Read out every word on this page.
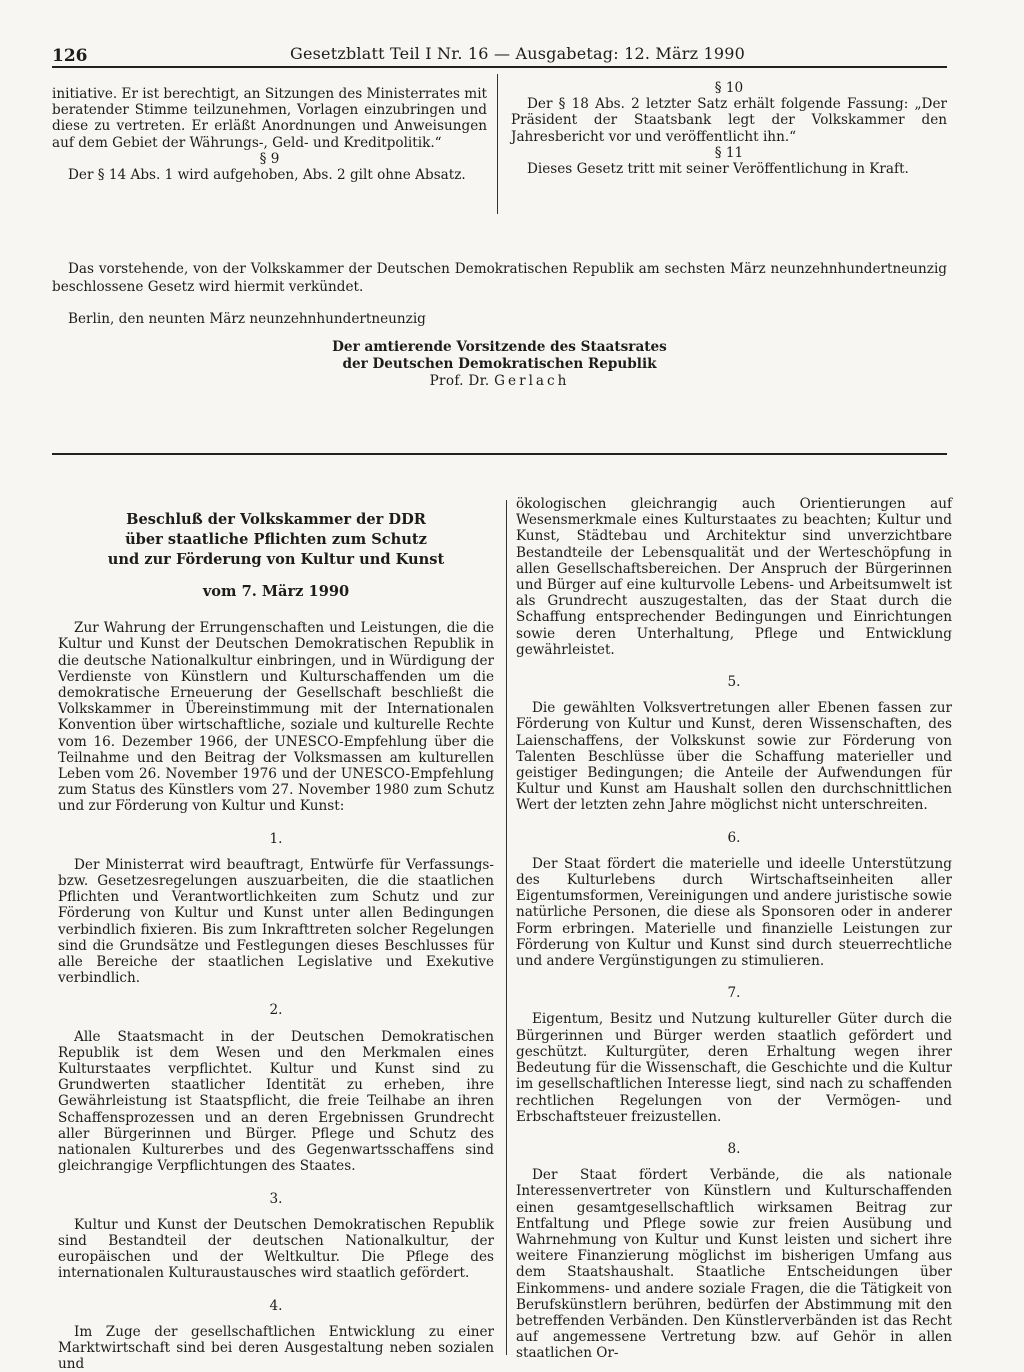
126	Gesetzblatt Teil I Nr. 16 — Ausgabetag: 12. März 1990

initiative. Er ist berechtigt, an Sitzungen des Ministerrates mit beratender Stimme teilzunehmen, Vorlagen einzubringen und diese zu vertreten. Er erläßt Anordnungen und Anweisungen auf dem Gebiet der Währungs-, Geld- und Kreditpolitik.“

§ 9

Der § 14 Abs. 1 wird aufgehoben, Abs. 2 gilt ohne Absatz.

§ 10

Der § 18 Abs. 2 letzter Satz erhält folgende Fassung: „Der Präsident der Staatsbank legt der Volkskammer den Jahresbericht vor und veröffentlicht ihn.“

§ 11

Dieses Gesetz tritt mit seiner Veröffentlichung in Kraft.

Das vorstehende, von der Volkskammer der Deutschen Demokratischen Republik am sechsten März neunzehnhundertneunzig beschlossene Gesetz wird hiermit verkündet.

Berlin, den neunten März neunzehnhundertneunzig
Der amtierende Vorsitzende des Staatsrates
der Deutschen Demokratischen Republik
Prof. Dr. Gerlach
Beschluß der Volkskammer der DDR
über staatliche Pflichten zum Schutz
und zur Förderung von Kultur und Kunst
vom 7. März 1990

Zur Wahrung der Errungenschaften und Leistungen, die die Kultur und Kunst der Deutschen Demokratischen Republik in die deutsche Nationalkultur einbringen, und in Würdigung der Verdienste von Künstlern und Kulturschaffenden um die demokratische Erneuerung der Gesellschaft beschließt die Volkskammer in Übereinstimmung mit der Internationalen Konvention über wirtschaftliche, soziale und kulturelle Rechte vom 16. Dezember 1966, der UNESCO-Empfehlung über die Teilnahme und den Beitrag der Volksmassen am kulturellen Leben vom 26. November 1976 und der UNESCO-Empfehlung zum Status des Künstlers vom 27. November 1980 zum Schutz und zur Förderung von Kultur und Kunst:

1.

Der Ministerrat wird beauftragt, Entwürfe für Verfassungs- bzw. Gesetzesregelungen auszuarbeiten, die die staatlichen Pflichten und Verantwortlichkeiten zum Schutz und zur Förderung von Kultur und Kunst unter allen Bedingungen verbindlich fixieren. Bis zum Inkrafttreten solcher Regelungen sind die Grundsätze und Festlegungen dieses Beschlusses für alle Bereiche der staatlichen Legislative und Exekutive verbindlich.

2.

Alle Staatsmacht in der Deutschen Demokratischen Republik ist dem Wesen und den Merkmalen eines Kulturstaates verpflichtet. Kultur und Kunst sind zu Grundwerten staatlicher Identität zu erheben, ihre Gewährleistung ist Staatspflicht, die freie Teilhabe an ihren Schaffensprozessen und an deren Ergebnissen Grundrecht aller Bürgerinnen und Bürger. Pflege und Schutz des nationalen Kulturerbes und des Gegenwartsschaffens sind gleichrangige Verpflichtungen des Staates.

3.

Kultur und Kunst der Deutschen Demokratischen Republik sind Bestandteil der deutschen Nationalkultur, der europäischen und der Weltkultur. Die Pflege des internationalen Kulturaustausches wird staatlich gefördert.

4.

Im Zuge der gesellschaftlichen Entwicklung zu einer Marktwirtschaft sind bei deren Ausgestaltung neben sozialen und

ökologischen gleichrangig auch Orientierungen auf Wesensmerkmale eines Kulturstaates zu beachten; Kultur und Kunst, Städtebau und Architektur sind unverzichtbare Bestandteile der Lebensqualität und der Werteschöpfung in allen Gesellschaftsbereichen. Der Anspruch der Bürgerinnen und Bürger auf eine kulturvolle Lebens- und Arbeitsumwelt ist als Grundrecht auszugestalten, das der Staat durch die Schaffung entsprechender Bedingungen und Einrichtungen sowie deren Unterhaltung, Pflege und Entwicklung gewährleistet.

5.

Die gewählten Volksvertretungen aller Ebenen fassen zur Förderung von Kultur und Kunst, deren Wissenschaften, des Laienschaffens, der Volkskunst sowie zur Förderung von Talenten Beschlüsse über die Schaffung materieller und geistiger Bedingungen; die Anteile der Aufwendungen für Kultur und Kunst am Haushalt sollen den durchschnittlichen Wert der letzten zehn Jahre möglichst nicht unterschreiten.

6.

Der Staat fördert die materielle und ideelle Unterstützung des Kulturlebens durch Wirtschaftseinheiten aller Eigentumsformen, Vereinigungen und andere juristische sowie natürliche Personen, die diese als Sponsoren oder in anderer Form erbringen. Materielle und finanzielle Leistungen zur Förderung von Kultur und Kunst sind durch steuerrechtliche und andere Vergünstigungen zu stimulieren.

7.

Eigentum, Besitz und Nutzung kultureller Güter durch die Bürgerinnen und Bürger werden staatlich gefördert und geschützt. Kulturgüter, deren Erhaltung wegen ihrer Bedeutung für die Wissenschaft, die Geschichte und die Kultur im gesellschaftlichen Interesse liegt, sind nach zu schaffenden rechtlichen Regelungen von der Vermögen- und Erbschaftsteuer freizustellen.

8.

Der Staat fördert Verbände, die als nationale Interessenvertreter von Künstlern und Kulturschaffenden einen gesamtgesellschaftlich wirksamen Beitrag zur Entfaltung und Pflege sowie zur freien Ausübung und Wahrnehmung von Kultur und Kunst leisten und sichert ihre weitere Finanzierung möglichst im bisherigen Umfang aus dem Staatshaushalt. Staatliche Entscheidungen über Einkommens- und andere soziale Fragen, die die Tätigkeit von Berufskünstlern berühren, bedürfen der Abstimmung mit den betreffenden Verbänden. Den Künstlerverbänden ist das Recht auf angemessene Vertretung bzw. auf Gehör in allen staatlichen Or-
